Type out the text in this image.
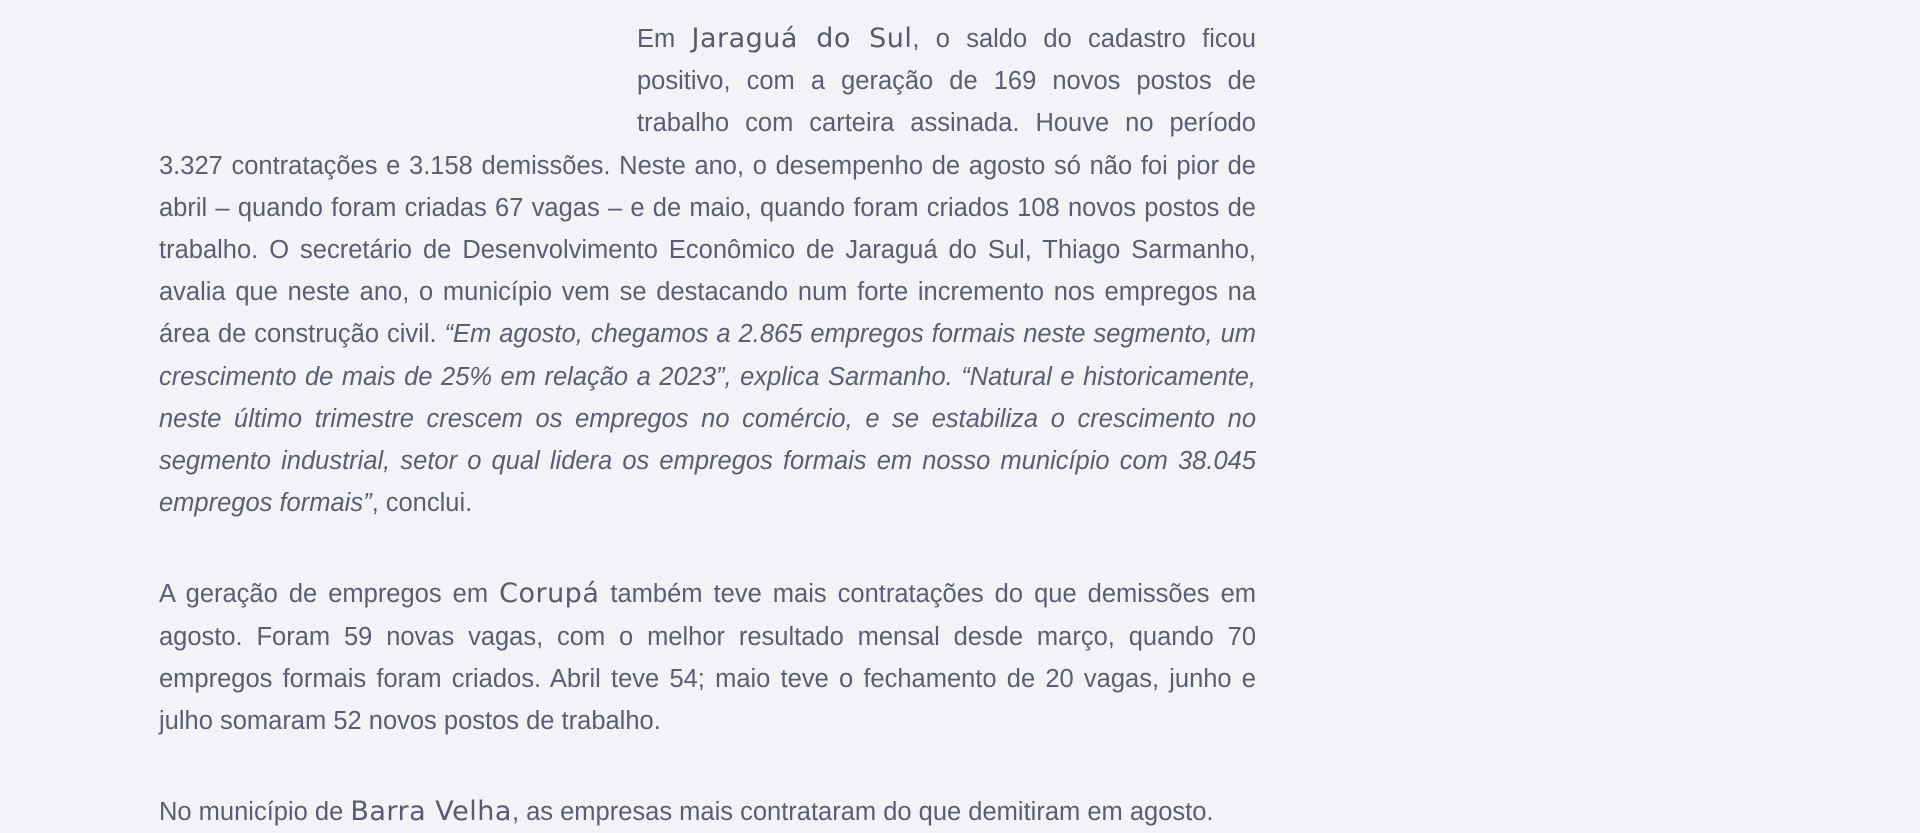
Em Jaraguá do Sul, o saldo do cadastro ficou positivo, com a geração de 169 novos postos de trabalho com carteira assinada. Houve no período 3.327 contratações e 3.158 demissões. Neste ano, o desempenho de agosto só não foi pior de abril – quando foram criadas 67 vagas – e de maio, quando foram criados 108 novos postos de trabalho. O secretário de Desenvolvimento Econômico de Jaraguá do Sul, Thiago Sarmanho, avalia que neste ano, o município vem se destacando num forte incremento nos empregos na área de construção civil. “Em agosto, chegamos a 2.865 empregos formais neste segmento, um crescimento de mais de 25% em relação a 2023”, explica Sarmanho. “Natural e historicamente, neste último trimestre crescem os empregos no comércio, e se estabiliza o crescimento no segmento industrial, setor o qual lidera os empregos formais em nosso município com 38.045 empregos formais”, conclui.

A geração de empregos em Corupá também teve mais contratações do que demissões em agosto. Foram 59 novas vagas, com o melhor resultado mensal desde março, quando 70 empregos formais foram criados. Abril teve 54; maio teve o fechamento de 20 vagas, junho e julho somaram 52 novos postos de trabalho.

No município de Barra Velha, as empresas mais contrataram do que demitiram em agosto.
